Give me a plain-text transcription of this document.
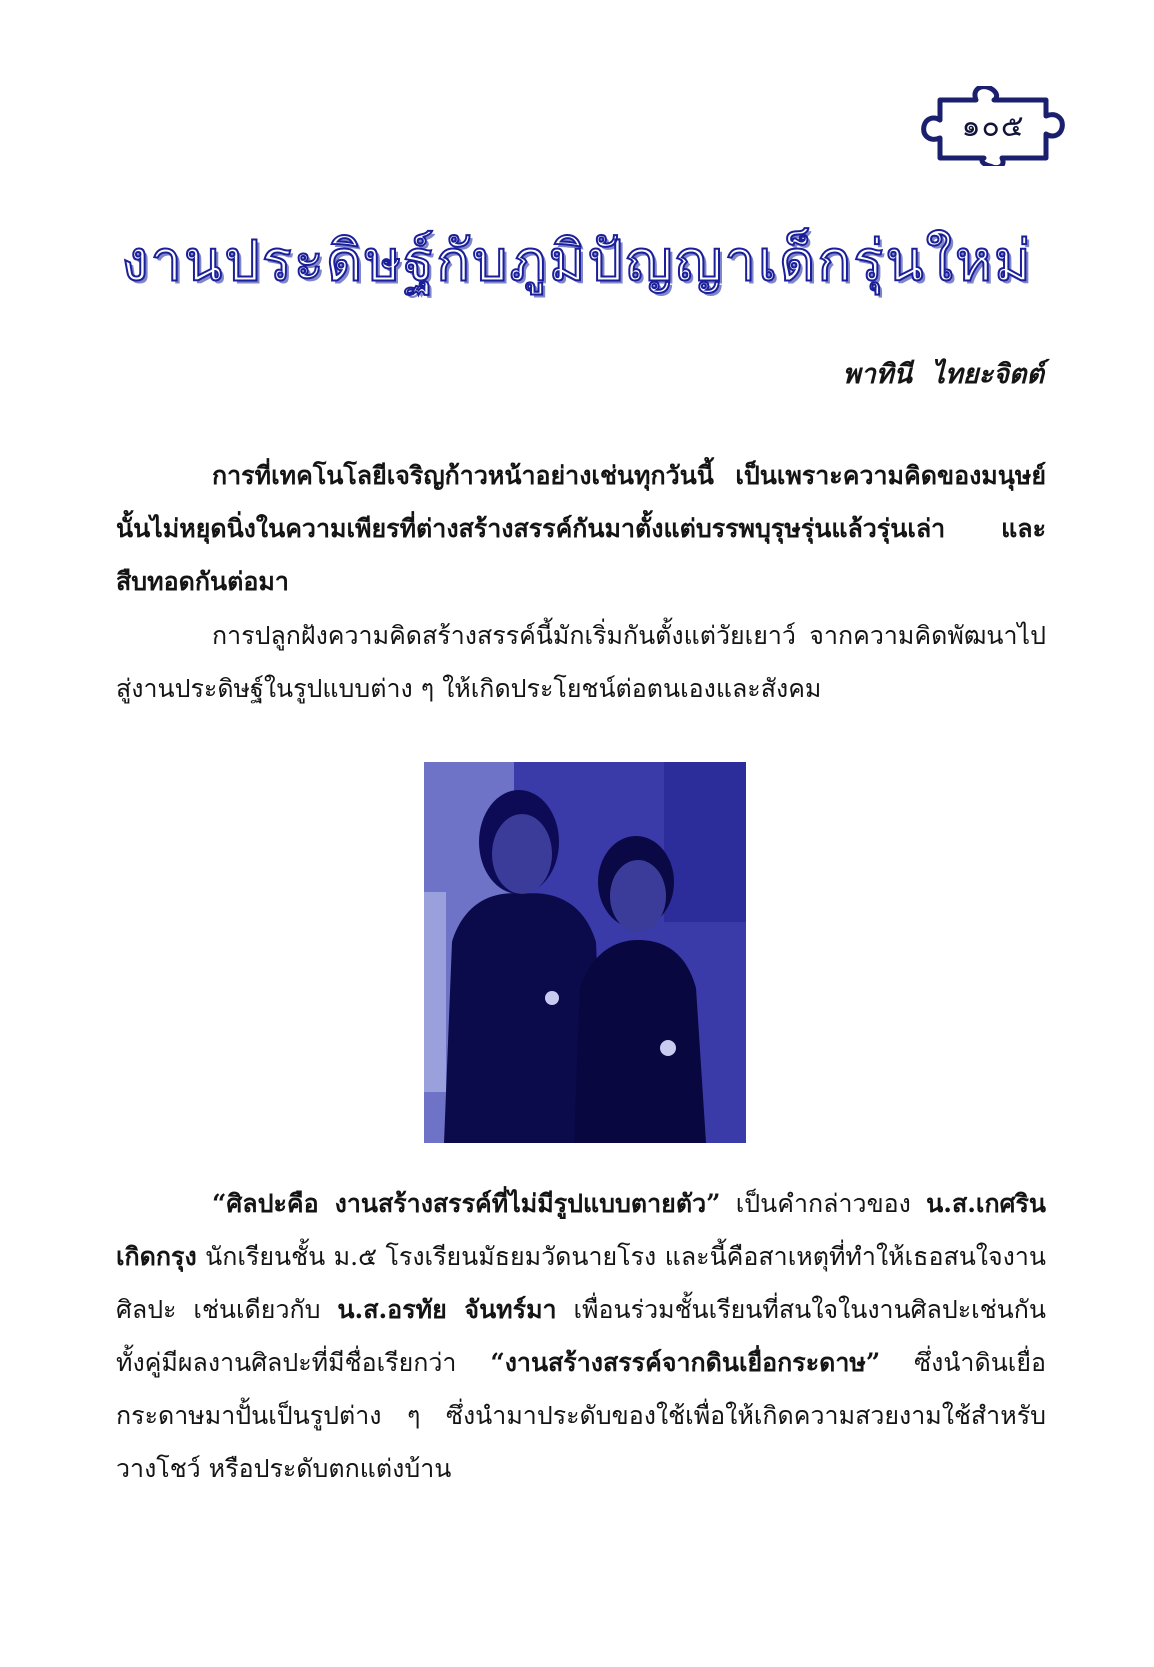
๑๐๕
งานประดิษฐ์กับภูมิปัญญาเด็กรุ่นใหม่
พาทินี ไทยะจิตต์

การที่เทคโนโลยีเจริญก้าวหน้าอย่างเช่นทุกวันนี้ เป็นเพราะความคิดของมนุษย์นั้นไม่หยุดนิ่งในความเพียรที่ต่างสร้างสรรค์กันมาตั้งแต่บรรพบุรุษรุ่นแล้วรุ่นเล่า และสืบทอดกันต่อมา

การปลูกฝังความคิดสร้างสรรค์นี้มักเริ่มกันตั้งแต่วัยเยาว์ จากความคิดพัฒนาไปสู่งานประดิษฐ์ในรูปแบบต่าง ๆ ให้เกิดประโยชน์ต่อตนเองและสังคม

“ศิลปะคือ งานสร้างสรรค์ที่ไม่มีรูปแบบตายตัว” เป็นคำกล่าวของ น.ส.เกศริน เกิดกรุง นักเรียนชั้น ม.๕ โรงเรียนมัธยมวัดนายโรง และนี้คือสาเหตุที่ทำให้เธอสนใจงานศิลปะ เช่นเดียวกับ น.ส.อรทัย จันทร์มา เพื่อนร่วมชั้นเรียนที่สนใจในงานศิลปะเช่นกัน ทั้งคู่มีผลงานศิลปะที่มีชื่อเรียกว่า “งานสร้างสรรค์จากดินเยื่อกระดาษ” ซึ่งนำดินเยื่อกระดาษมาปั้นเป็นรูปต่าง ๆ ซึ่งนำมาประดับของใช้เพื่อให้เกิดความสวยงามใช้สำหรับวางโชว์ หรือประดับตกแต่งบ้าน
